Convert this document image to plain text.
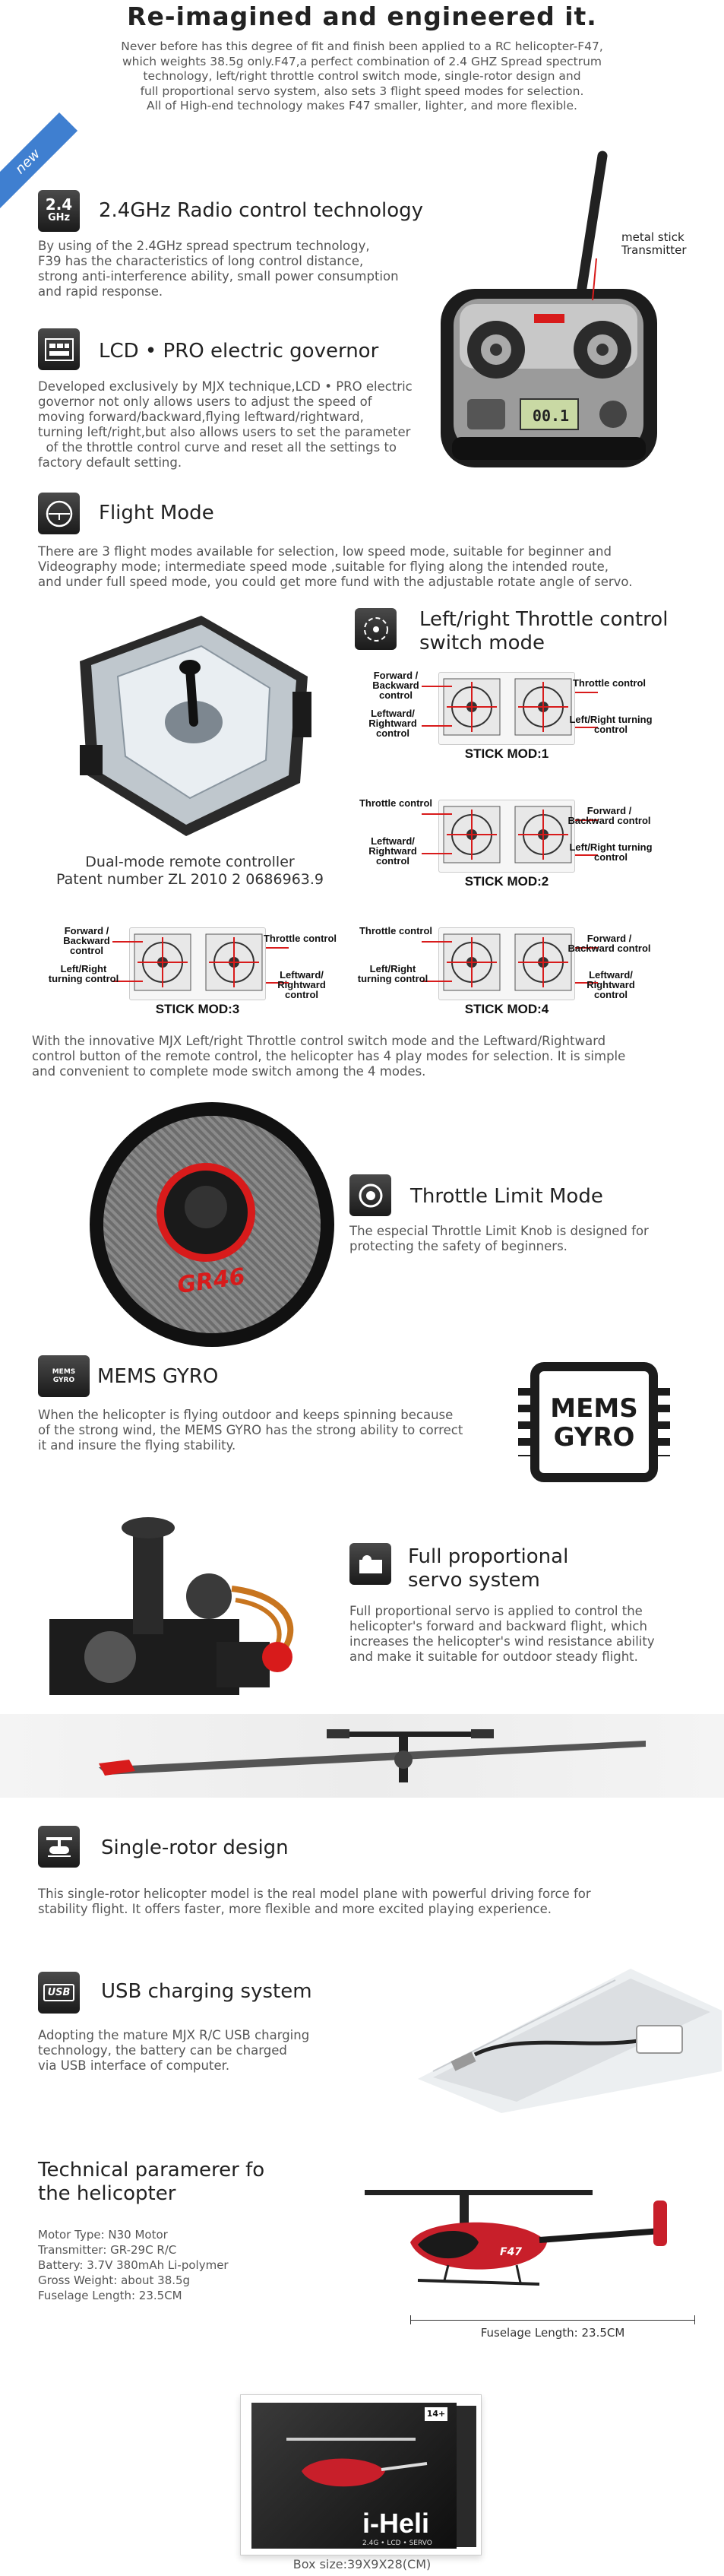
Re-imagined and engineered it.
Never before has this degree of fit and finish been applied to a RC helicopter-F47,
which weights 38.5g only.F47,a perfect combination of 2.4 GHZ Spread spectrum
technology, left/right throttle control switch mode, single-rotor design and
full proportional servo system, also sets 3 flight speed modes for selection.
All of High-end technology makes F47 smaller, lighter, and more flexible.
new
2.4
GHz 2.4GHz Radio control technology
By using of the 2.4GHz spread spectrum technology,
F39 has the characteristics of long control distance,
strong anti-interference ability, small power consumption
and rapid response.
00.1
metal stick
Transmitter
LCD • PRO electric governor
Developed exclusively by MJX technique,LCD • PRO electric
governor not only allows users to adjust the speed of
moving forward/backward,flying leftward/rightward,
turning left/right,but also allows users to set the parameter
of the throttle control curve and reset all the settings to
factory default setting.
Flight Mode
There are 3 flight modes available for selection, low speed mode, suitable for beginner and
Videography mode; intermediate speed mode ,suitable for flying along the intended route,
and under full speed mode, you could get more fund with the adjustable rotate angle of servo.
Dual-mode remote controller
Patent number ZL 2010 2 0686963.9
Left/right Throttle control
switch mode
Forward / Backward control
Leftward/ Rightward control
Throttle control
Left/Right turning control
STICK MOD:1
Throttle control
Leftward/ Rightward control
Forward / Backward control
Left/Right turning control
STICK MOD:2
Forward / Backward control
Left/Right turning control
Throttle control
Leftward/ Rightward control
STICK MOD:3
Throttle control
Left/Right turning control
Forward / Backward control
Leftward/ Rightward control
STICK MOD:4
With the innovative MJX Left/right Throttle control switch mode and the Leftward/Rightward
control button of the remote control, the helicopter has 4 play modes for selection. It is simple
and convenient to complete mode switch among the 4 modes.
GR46
Throttle Limit Mode
The especial Throttle Limit Knob is designed for
protecting the safety of beginners.
MEMS GYRO	MEMS GYRO
When the helicopter is flying outdoor and keeps spinning because
of the strong wind, the MEMS GYRO has the strong ability to correct
it and insure the flying stability.
MEMS
GYRO
Full proportional
servo system
Full proportional servo is applied to control the
helicopter's forward and backward flight, which
increases the helicopter's wind resistance ability
and make it suitable for outdoor steady flight.
Single-rotor design
This single-rotor helicopter model is the real model plane with powerful driving force for
stability flight. It offers faster, more flexible and more excited playing experience.
USB USB charging system
Adopting the mature MJX R/C USB charging
technology, the battery can be charged
via USB interface of computer.
Technical paramerer fo
the helicopter
Motor Type: N30 Motor
Transmitter: GR-29C R/C
Battery: 3.7V 380mAh Li-polymer
Gross Weight: about 38.5g
Fuselage Length: 23.5CM
F47
Fuselage Length: 23.5CM
14+
i-Heli
2.4G • LCD • SERVO
Box size:39X9X28(CM)
